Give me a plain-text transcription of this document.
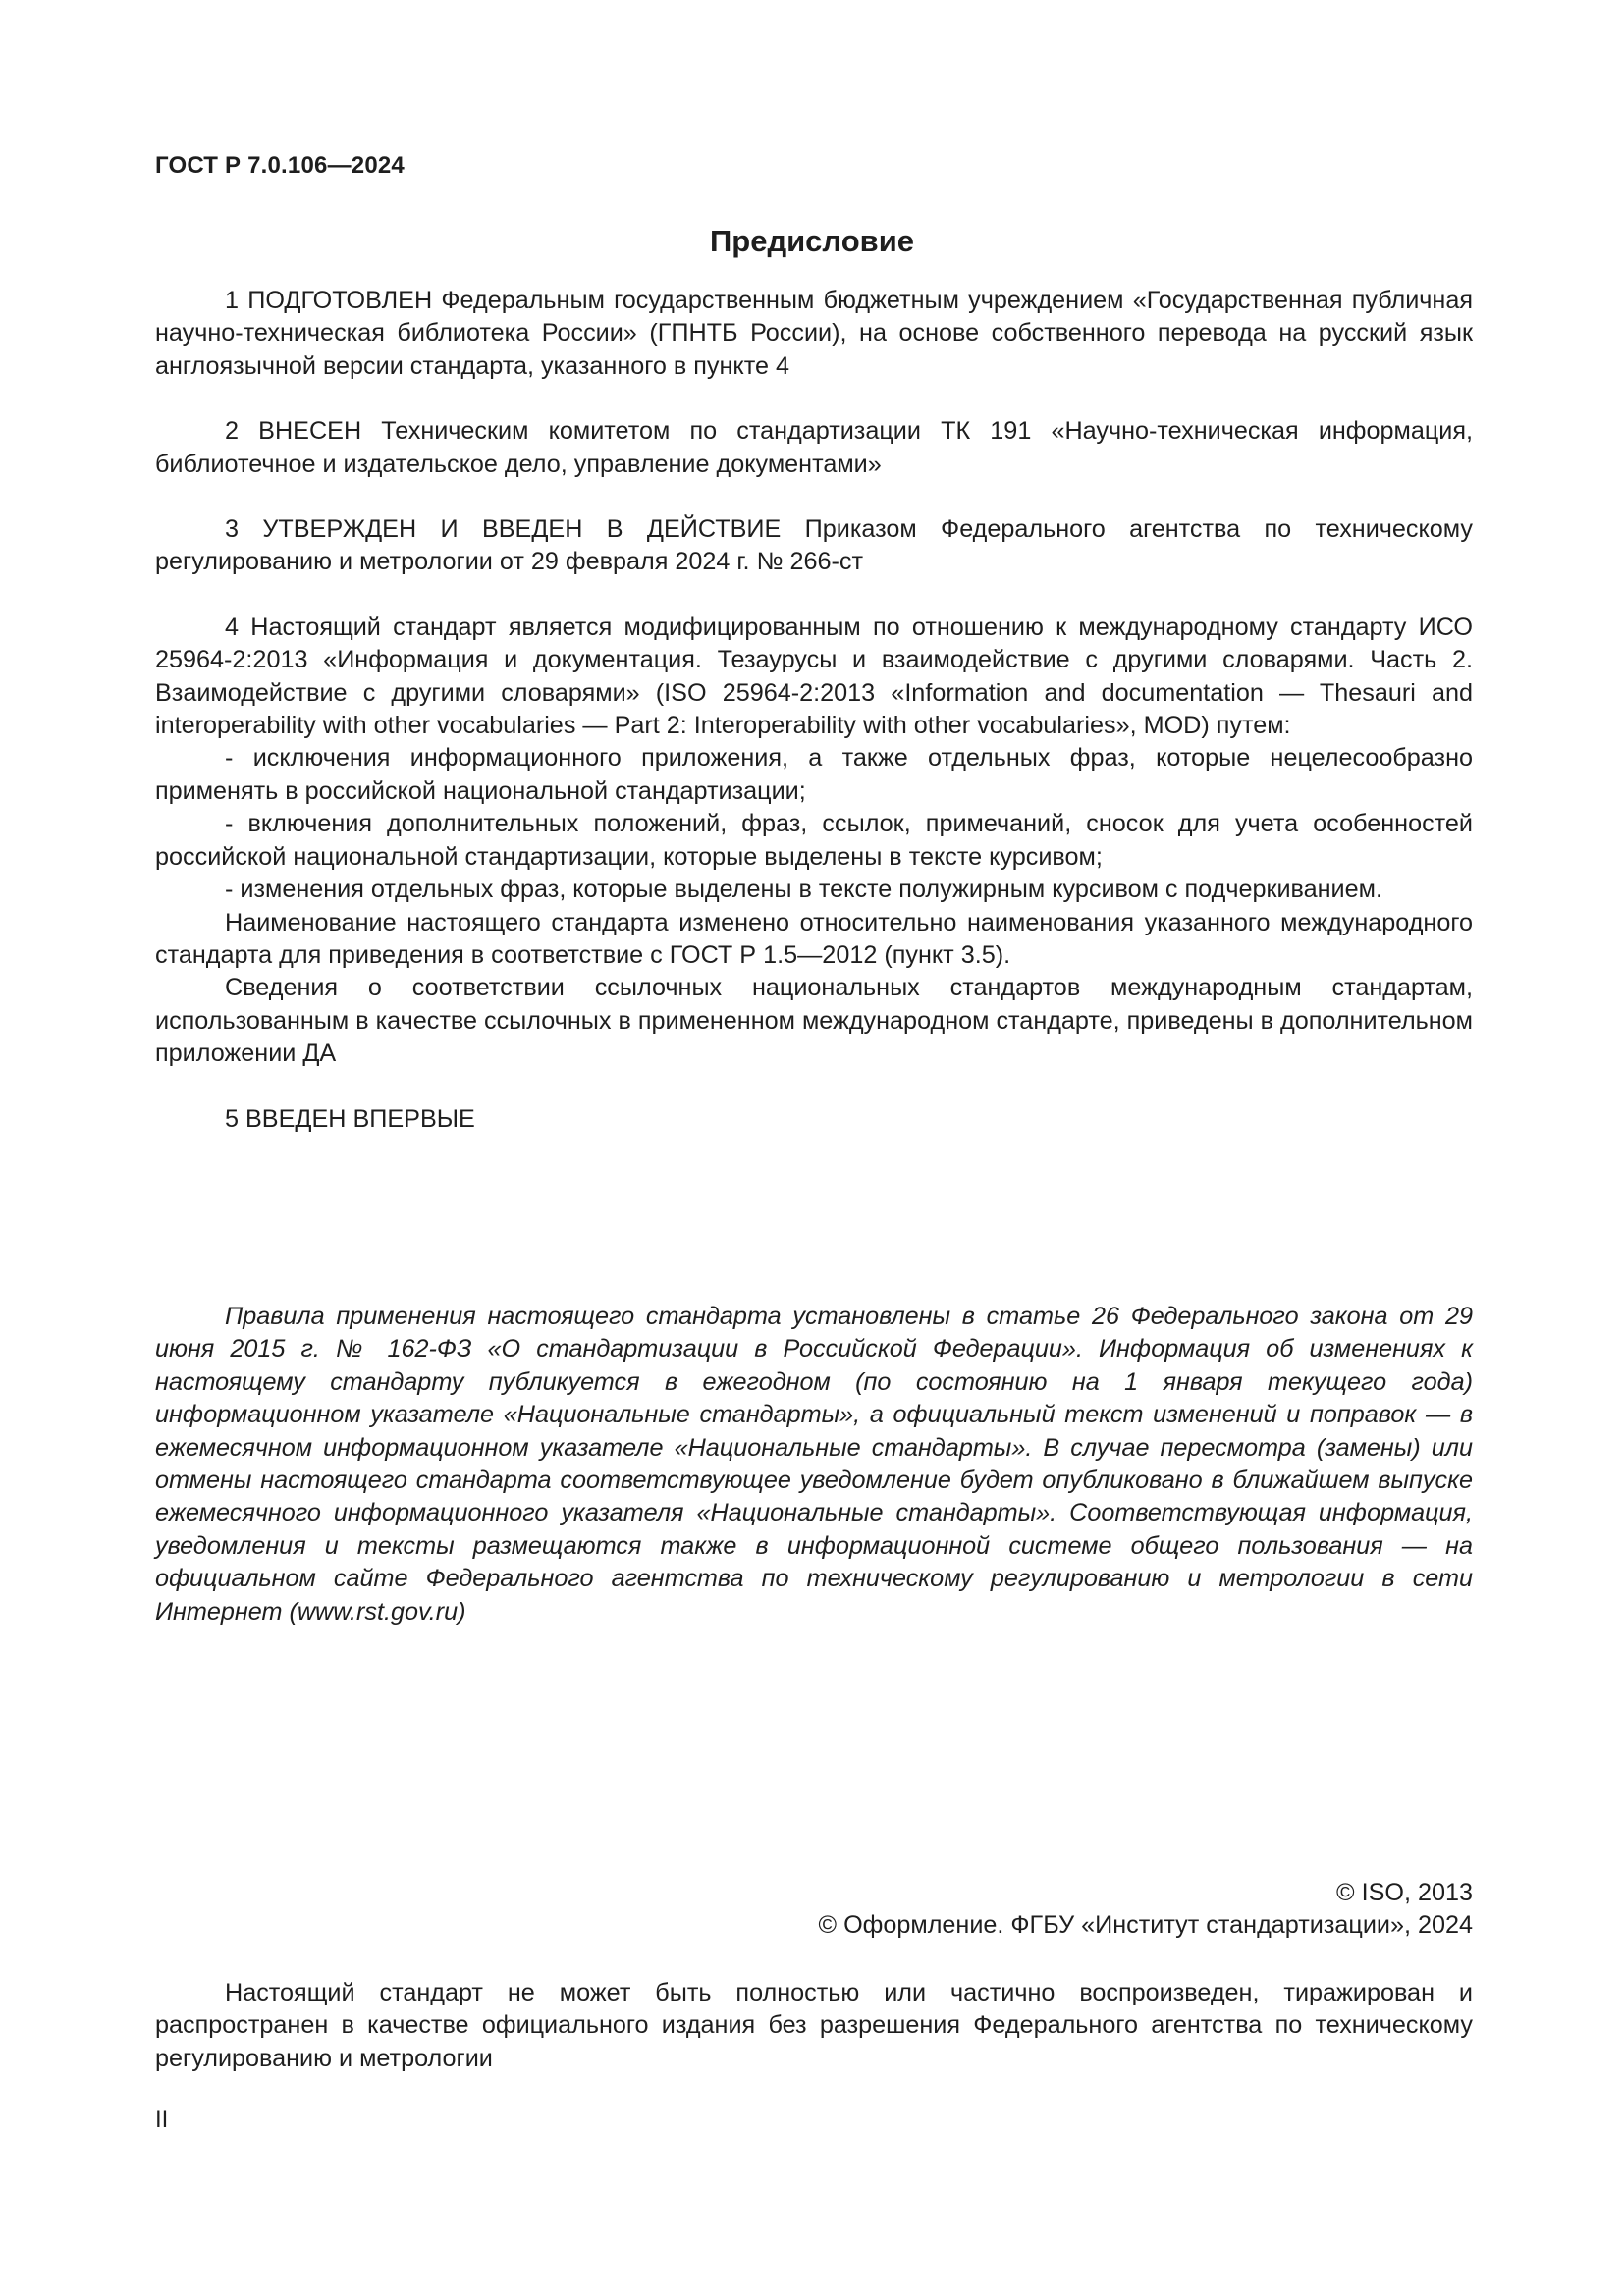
ГОСТ Р 7.0.106—2024
Предисловие

1 ПОДГОТОВЛЕН Федеральным государственным бюджетным учреждением «Государственная публичная научно-техническая библиотека России» (ГПНТБ России), на основе собственного перевода на русский язык англоязычной версии стандарта, указанного в пункте 4

2 ВНЕСЕН Техническим комитетом по стандартизации ТК 191 «Научно-техническая информация, библиотечное и издательское дело, управление документами»

3 УТВЕРЖДЕН И ВВЕДЕН В ДЕЙСТВИЕ Приказом Федерального агентства по техническому регулированию и метрологии от 29 февраля 2024 г. № 266-ст

4 Настоящий стандарт является модифицированным по отношению к международному стандарту ИСО 25964-2:2013 «Информация и документация. Тезаурусы и взаимодействие с другими словарями. Часть 2. Взаимодействие с другими словарями» (ISO 25964-2:2013 «Information and documentation — Thesauri and interoperability with other vocabularies — Part 2: Interoperability with other vocabularies», MOD) путем:

- исключения информационного приложения, а также отдельных фраз, которые нецелесообразно применять в российской национальной стандартизации;

- включения дополнительных положений, фраз, ссылок, примечаний, сносок для учета особенностей российской национальной стандартизации, которые выделены в тексте курсивом;

- изменения отдельных фраз, которые выделены в тексте полужирным курсивом с подчеркиванием.

Наименование настоящего стандарта изменено относительно наименования указанного международного стандарта для приведения в соответствие с ГОСТ Р 1.5—2012 (пункт 3.5).

Сведения о соответствии ссылочных национальных стандартов международным стандартам, использованным в качестве ссылочных в примененном международном стандарте, приведены в дополнительном приложении ДА

5 ВВЕДЕН ВПЕРВЫЕ

Правила применения настоящего стандарта установлены в статье 26 Федерального закона от 29 июня 2015 г. № 162-ФЗ «О стандартизации в Российской Федерации». Информация об изменениях к настоящему стандарту публикуется в ежегодном (по состоянию на 1 января текущего года) информационном указателе «Национальные стандарты», а официальный текст изменений и поправок — в ежемесячном информационном указателе «Национальные стандарты». В случае пересмотра (замены) или отмены настоящего стандарта соответствующее уведомление будет опубликовано в ближайшем выпуске ежемесячного информационного указателя «Национальные стандарты». Соответствующая информация, уведомления и тексты размещаются также в информационной системе общего пользования — на официальном сайте Федерального агентства по техническому регулированию и метрологии в сети Интернет (www.rst.gov.ru)

© ISO, 2013
© Оформление. ФГБУ «Институт стандартизации», 2024

Настоящий стандарт не может быть полностью или частично воспроизведен, тиражирован и распространен в качестве официального издания без разрешения Федерального агентства по техническому регулированию и метрологии

II
